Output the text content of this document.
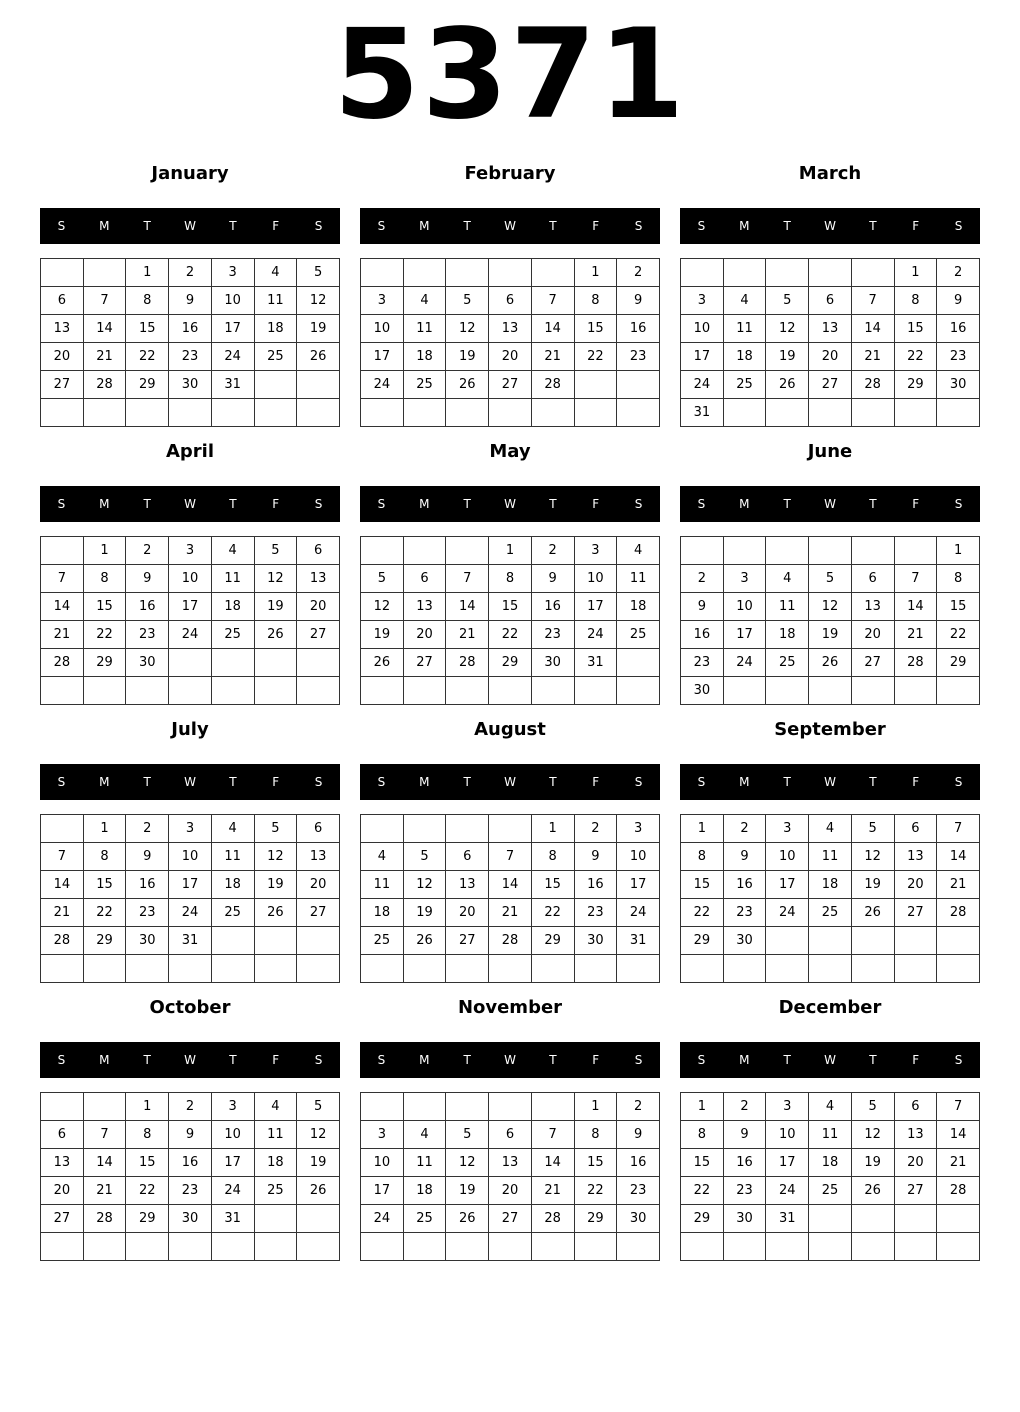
5371
January
S	M	T	W	T	F	S
		1	2	3	4	5
6	7	8	9	10	11	12
13	14	15	16	17	18	19
20	21	22	23	24	25	26
27	28	29	30	31		

February
S	M	T	W	T	F	S
					1	2
3	4	5	6	7	8	9
10	11	12	13	14	15	16
17	18	19	20	21	22	23
24	25	26	27	28		

March
S	M	T	W	T	F	S
					1	2
3	4	5	6	7	8	9
10	11	12	13	14	15	16
17	18	19	20	21	22	23
24	25	26	27	28	29	30
31						
April
S	M	T	W	T	F	S
	1	2	3	4	5	6
7	8	9	10	11	12	13
14	15	16	17	18	19	20
21	22	23	24	25	26	27
28	29	30				

May
S	M	T	W	T	F	S
			1	2	3	4
5	6	7	8	9	10	11
12	13	14	15	16	17	18
19	20	21	22	23	24	25
26	27	28	29	30	31	

June
S	M	T	W	T	F	S
						1
2	3	4	5	6	7	8
9	10	11	12	13	14	15
16	17	18	19	20	21	22
23	24	25	26	27	28	29
30						
July
S	M	T	W	T	F	S
	1	2	3	4	5	6
7	8	9	10	11	12	13
14	15	16	17	18	19	20
21	22	23	24	25	26	27
28	29	30	31			

August
S	M	T	W	T	F	S
				1	2	3
4	5	6	7	8	9	10
11	12	13	14	15	16	17
18	19	20	21	22	23	24
25	26	27	28	29	30	31

September
S	M	T	W	T	F	S
1	2	3	4	5	6	7
8	9	10	11	12	13	14
15	16	17	18	19	20	21
22	23	24	25	26	27	28
29	30					

October
S	M	T	W	T	F	S
		1	2	3	4	5
6	7	8	9	10	11	12
13	14	15	16	17	18	19
20	21	22	23	24	25	26
27	28	29	30	31		

November
S	M	T	W	T	F	S
					1	2
3	4	5	6	7	8	9
10	11	12	13	14	15	16
17	18	19	20	21	22	23
24	25	26	27	28	29	30

December
S	M	T	W	T	F	S
1	2	3	4	5	6	7
8	9	10	11	12	13	14
15	16	17	18	19	20	21
22	23	24	25	26	27	28
29	30	31				
